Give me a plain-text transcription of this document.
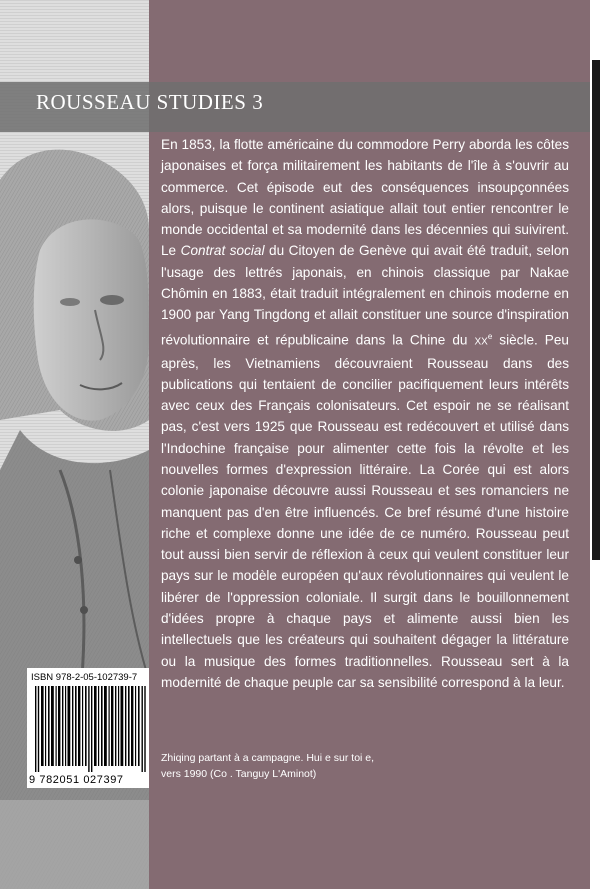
ROUSSEAU STUDIES 3

En 1853, la flotte américaine du commodore Perry aborda les côtes japonaises et força militairement les habitants de l'île à s'ouvrir au commerce. Cet épisode eut des conséquences insoupçonnées alors, puisque le continent asiatique allait tout entier rencontrer le monde occidental et sa modernité dans les décennies qui suivirent. Le Contrat social du Citoyen de Genève qui avait été traduit, selon l'usage des lettrés japonais, en chinois classique par Nakae Chômin en 1883, était traduit intégralement en chinois moderne en 1900 par Yang Tingdong et allait constituer une source d'inspiration révolutionnaire et républicaine dans la Chine du XXe siècle. Peu après, les Vietnamiens découvraient Rousseau dans des publications qui tentaient de concilier pacifiquement leurs intérêts avec ceux des Français colonisateurs. Cet espoir ne se réalisant pas, c'est vers 1925 que Rousseau est redécouvert et utilisé dans l'Indochine française pour alimenter cette fois la révolte et les nouvelles formes d'expression littéraire. La Corée qui est alors colonie japonaise découvre aussi Rousseau et ses romanciers ne manquent pas d'en être influencés. Ce bref résumé d'une histoire riche et complexe donne une idée de ce numéro. Rousseau peut tout aussi bien servir de réflexion à ceux qui veulent constituer leur pays sur le modèle européen qu'aux révolutionnaires qui veulent le libérer de l'oppression coloniale. Il surgit dans le bouillonnement d'idées propre à chaque pays et alimente aussi bien les intellectuels que les créateurs qui souhaitent dégager la littérature ou la musique des formes traditionnelles. Rousseau sert à la modernité de chaque peuple car sa sensibilité correspond à la leur.

ISBN 978-2-05-102739-7
9 782051 027397
Zhiqing partant à a campagne. Hui e sur toi e,
vers 1990 (Co . Tanguy L'Aminot)
